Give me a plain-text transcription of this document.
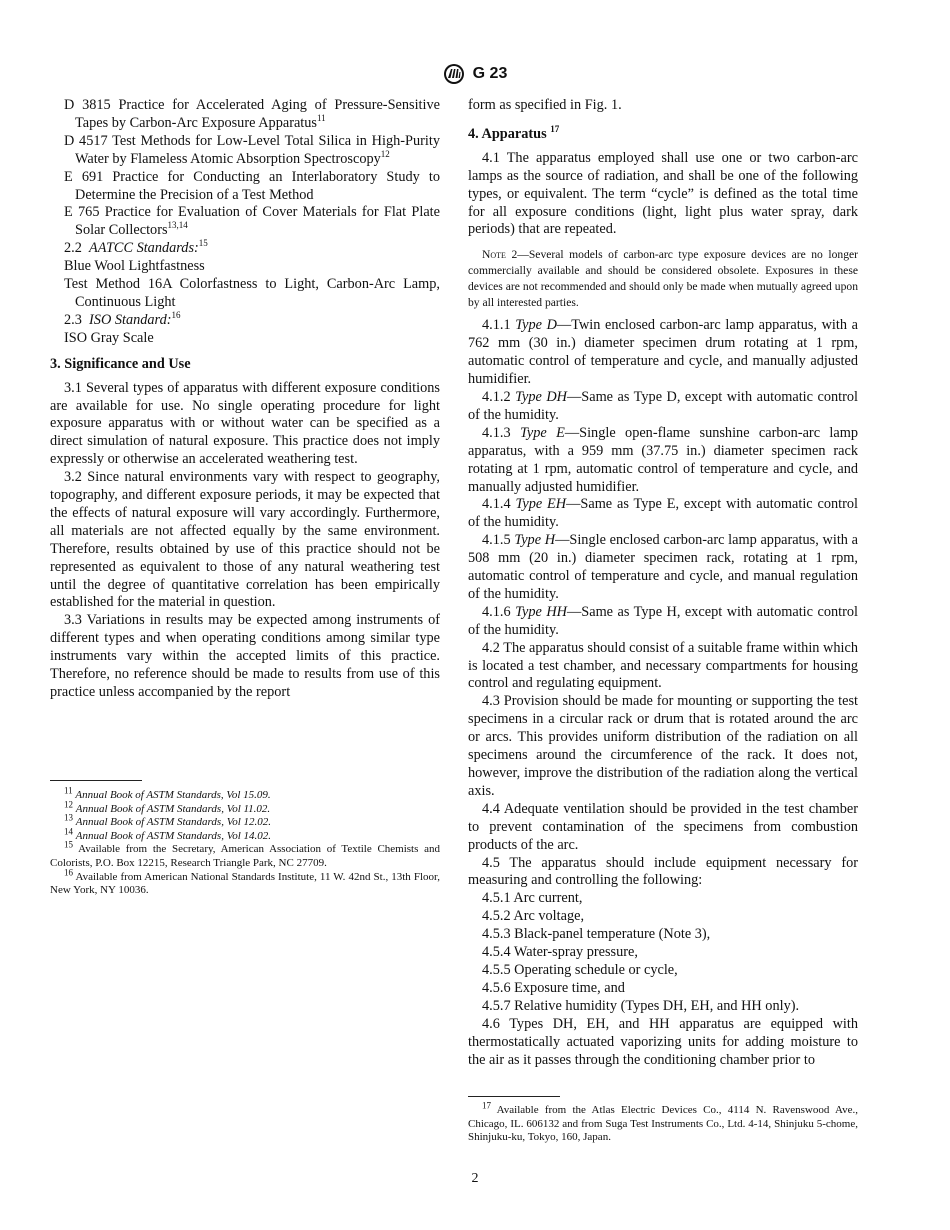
G 23

D 3815 Practice for Accelerated Aging of Pressure-Sensitive Tapes by Carbon-Arc Exposure Apparatus$^{11}$

D 4517 Test Methods for Low-Level Total Silica in High-Purity Water by Flameless Atomic Absorption Spectroscopy$^{12}$

E 691 Practice for Conducting an Interlaboratory Study to Determine the Precision of a Test Method

E 765 Practice for Evaluation of Cover Materials for Flat Plate Solar Collectors$^{13,14}$

2.2 AATCC Standards:$^{15}$

Blue Wool Lightfastness

Test Method 16A Colorfastness to Light, Carbon-Arc Lamp, Continuous Light

2.3 ISO Standard:$^{16}$

ISO Gray Scale

3. Significance and Use

3.1 Several types of apparatus with different exposure conditions are available for use. No single operating procedure for light exposure apparatus with or without water can be specified as a direct simulation of natural exposure. This practice does not imply expressly or otherwise an accelerated weathering test.

3.2 Since natural environments vary with respect to geography, topography, and different exposure periods, it may be expected that the effects of natural exposure will vary accordingly. Furthermore, all materials are not affected equally by the same environment. Therefore, results obtained by use of this practice should not be represented as equivalent to those of any natural weathering test until the degree of quantitative correlation has been empirically established for the material in question.

3.3 Variations in results may be expected among instruments of different types and when operating conditions among similar type instruments vary within the accepted limits of this practice. Therefore, no reference should be made to results from use of this practice unless accompanied by the report

$^{11}$ Annual Book of ASTM Standards, Vol 15.09.

$^{12}$ Annual Book of ASTM Standards, Vol 11.02.

$^{13}$ Annual Book of ASTM Standards, Vol 12.02.

$^{14}$ Annual Book of ASTM Standards, Vol 14.02.

$^{15}$ Available from the Secretary, American Association of Textile Chemists and Colorists, P.O. Box 12215, Research Triangle Park, NC 27709.

$^{16}$ Available from American National Standards Institute, 11 W. 42nd St., 13th Floor, New York, NY 10036.

form as specified in Fig. 1.

4. Apparatus $^{17}$

4.1 The apparatus employed shall use one or two carbon-arc lamps as the source of radiation, and shall be one of the following types, or equivalent. The term “cycle” is defined as the total time for all exposure conditions (light, light plus water spray, dark periods) that are repeated.

Note 2—Several models of carbon-arc type exposure devices are no longer commercially available and should be considered obsolete. Exposures in these devices are not recommended and should only be made when mutually agreed upon by all interested parties.

4.1.1 Type D—Twin enclosed carbon-arc lamp apparatus, with a 762 mm (30 in.) diameter specimen drum rotating at 1 rpm, automatic control of temperature and cycle, and manually adjusted humidifier.

4.1.2 Type DH—Same as Type D, except with automatic control of the humidity.

4.1.3 Type E—Single open-flame sunshine carbon-arc lamp apparatus, with a 959 mm (37.75 in.) diameter specimen rack rotating at 1 rpm, automatic control of temperature and cycle, and manually adjusted humidifier.

4.1.4 Type EH—Same as Type E, except with automatic control of the humidity.

4.1.5 Type H—Single enclosed carbon-arc lamp apparatus, with a 508 mm (20 in.) diameter specimen rack, rotating at 1 rpm, automatic control of temperature and cycle, and manual regulation of the humidity.

4.1.6 Type HH—Same as Type H, except with automatic control of the humidity.

4.2 The apparatus should consist of a suitable frame within which is located a test chamber, and necessary compartments for housing control and regulating equipment.

4.3 Provision should be made for mounting or supporting the test specimens in a circular rack or drum that is rotated around the arc or arcs. This provides uniform distribution of the radiation on all specimens around the circumference of the rack. It does not, however, improve the distribution of the radiation along the vertical axis.

4.4 Adequate ventilation should be provided in the test chamber to prevent contamination of the specimens from combustion products of the arc.

4.5 The apparatus should include equipment necessary for measuring and controlling the following:

4.5.1 Arc current,

4.5.2 Arc voltage,

4.5.3 Black-panel temperature (Note 3),

4.5.4 Water-spray pressure,

4.5.5 Operating schedule or cycle,

4.5.6 Exposure time, and

4.5.7 Relative humidity (Types DH, EH, and HH only).

4.6 Types DH, EH, and HH apparatus are equipped with thermostatically actuated vaporizing units for adding moisture to the air as it passes through the conditioning chamber prior to

$^{17}$ Available from the Atlas Electric Devices Co., 4114 N. Ravenswood Ave., Chicago, IL. 606132 and from Suga Test Instruments Co., Ltd. 4-14, Shinjuku 5-chome, Shinjuku-ku, Tokyo, 160, Japan.

2
